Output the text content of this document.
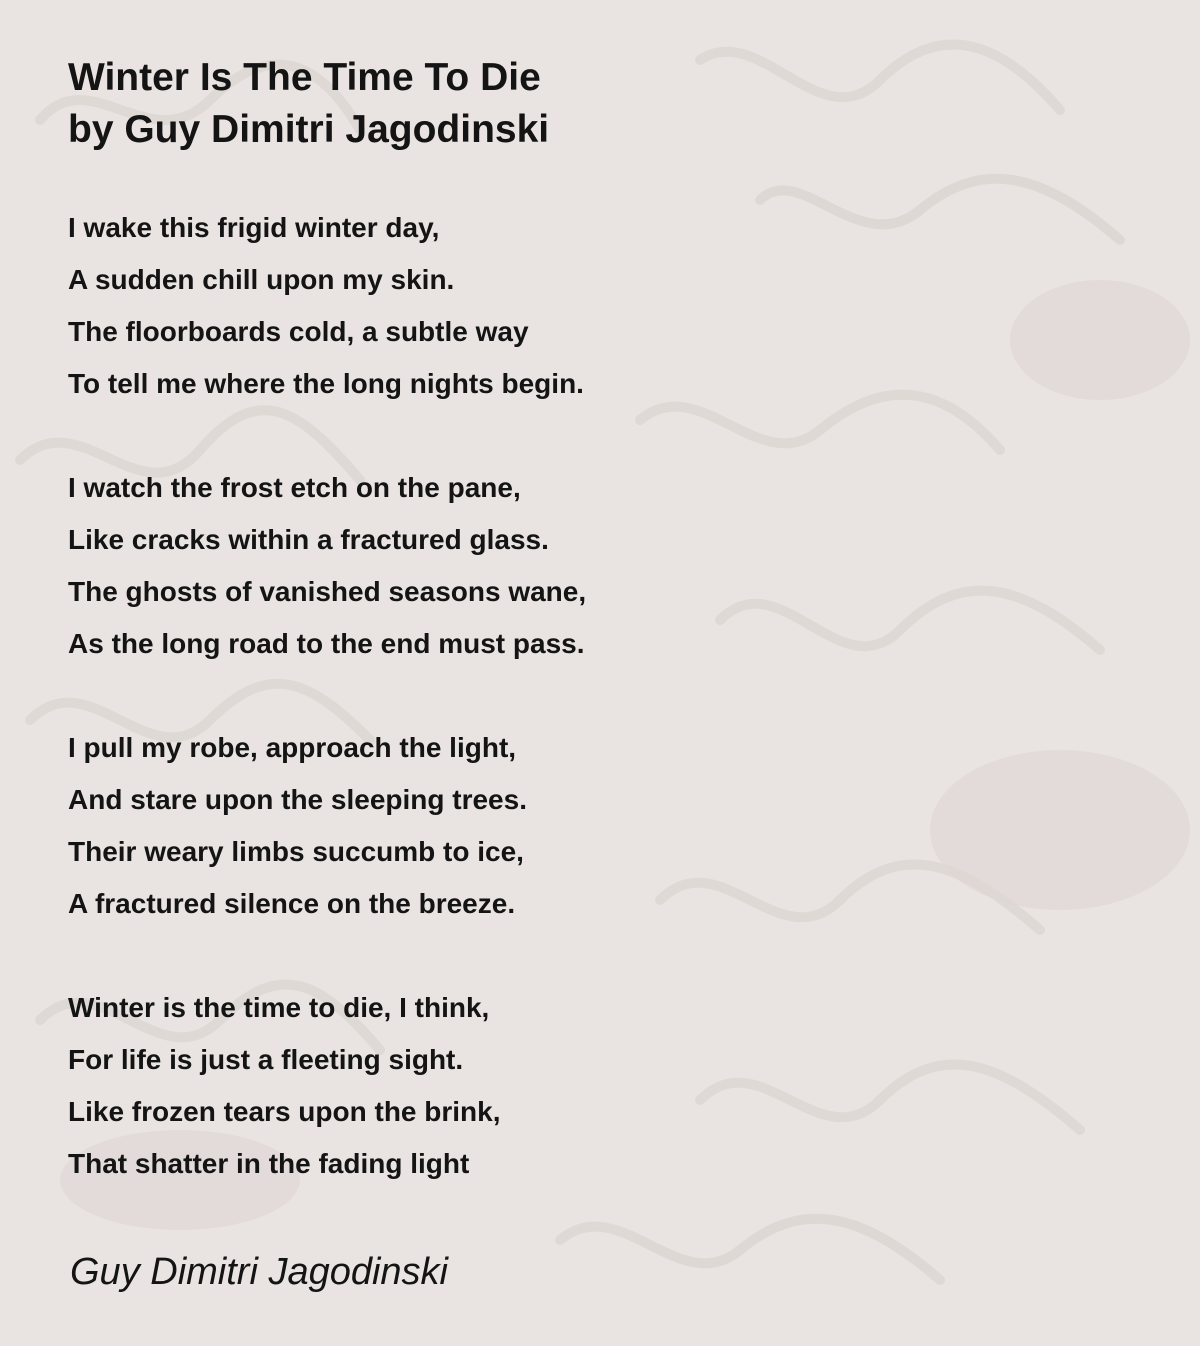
Winter Is The Time To Die
by Guy Dimitri Jagodinski
I wake this frigid winter day,
A sudden chill upon my skin.
The floorboards cold, a subtle way
To tell me where the long nights begin.
I watch the frost etch on the pane,
Like cracks within a fractured glass.
The ghosts of vanished seasons wane,
As the long road to the end must pass.
I pull my robe, approach the light,
And stare upon the sleeping trees.
Their weary limbs succumb to ice,
A fractured silence on the breeze.
Winter is the time to die, I think,
For life is just a fleeting sight.
Like frozen tears upon the brink,
That shatter in the fading light
Guy Dimitri Jagodinski
